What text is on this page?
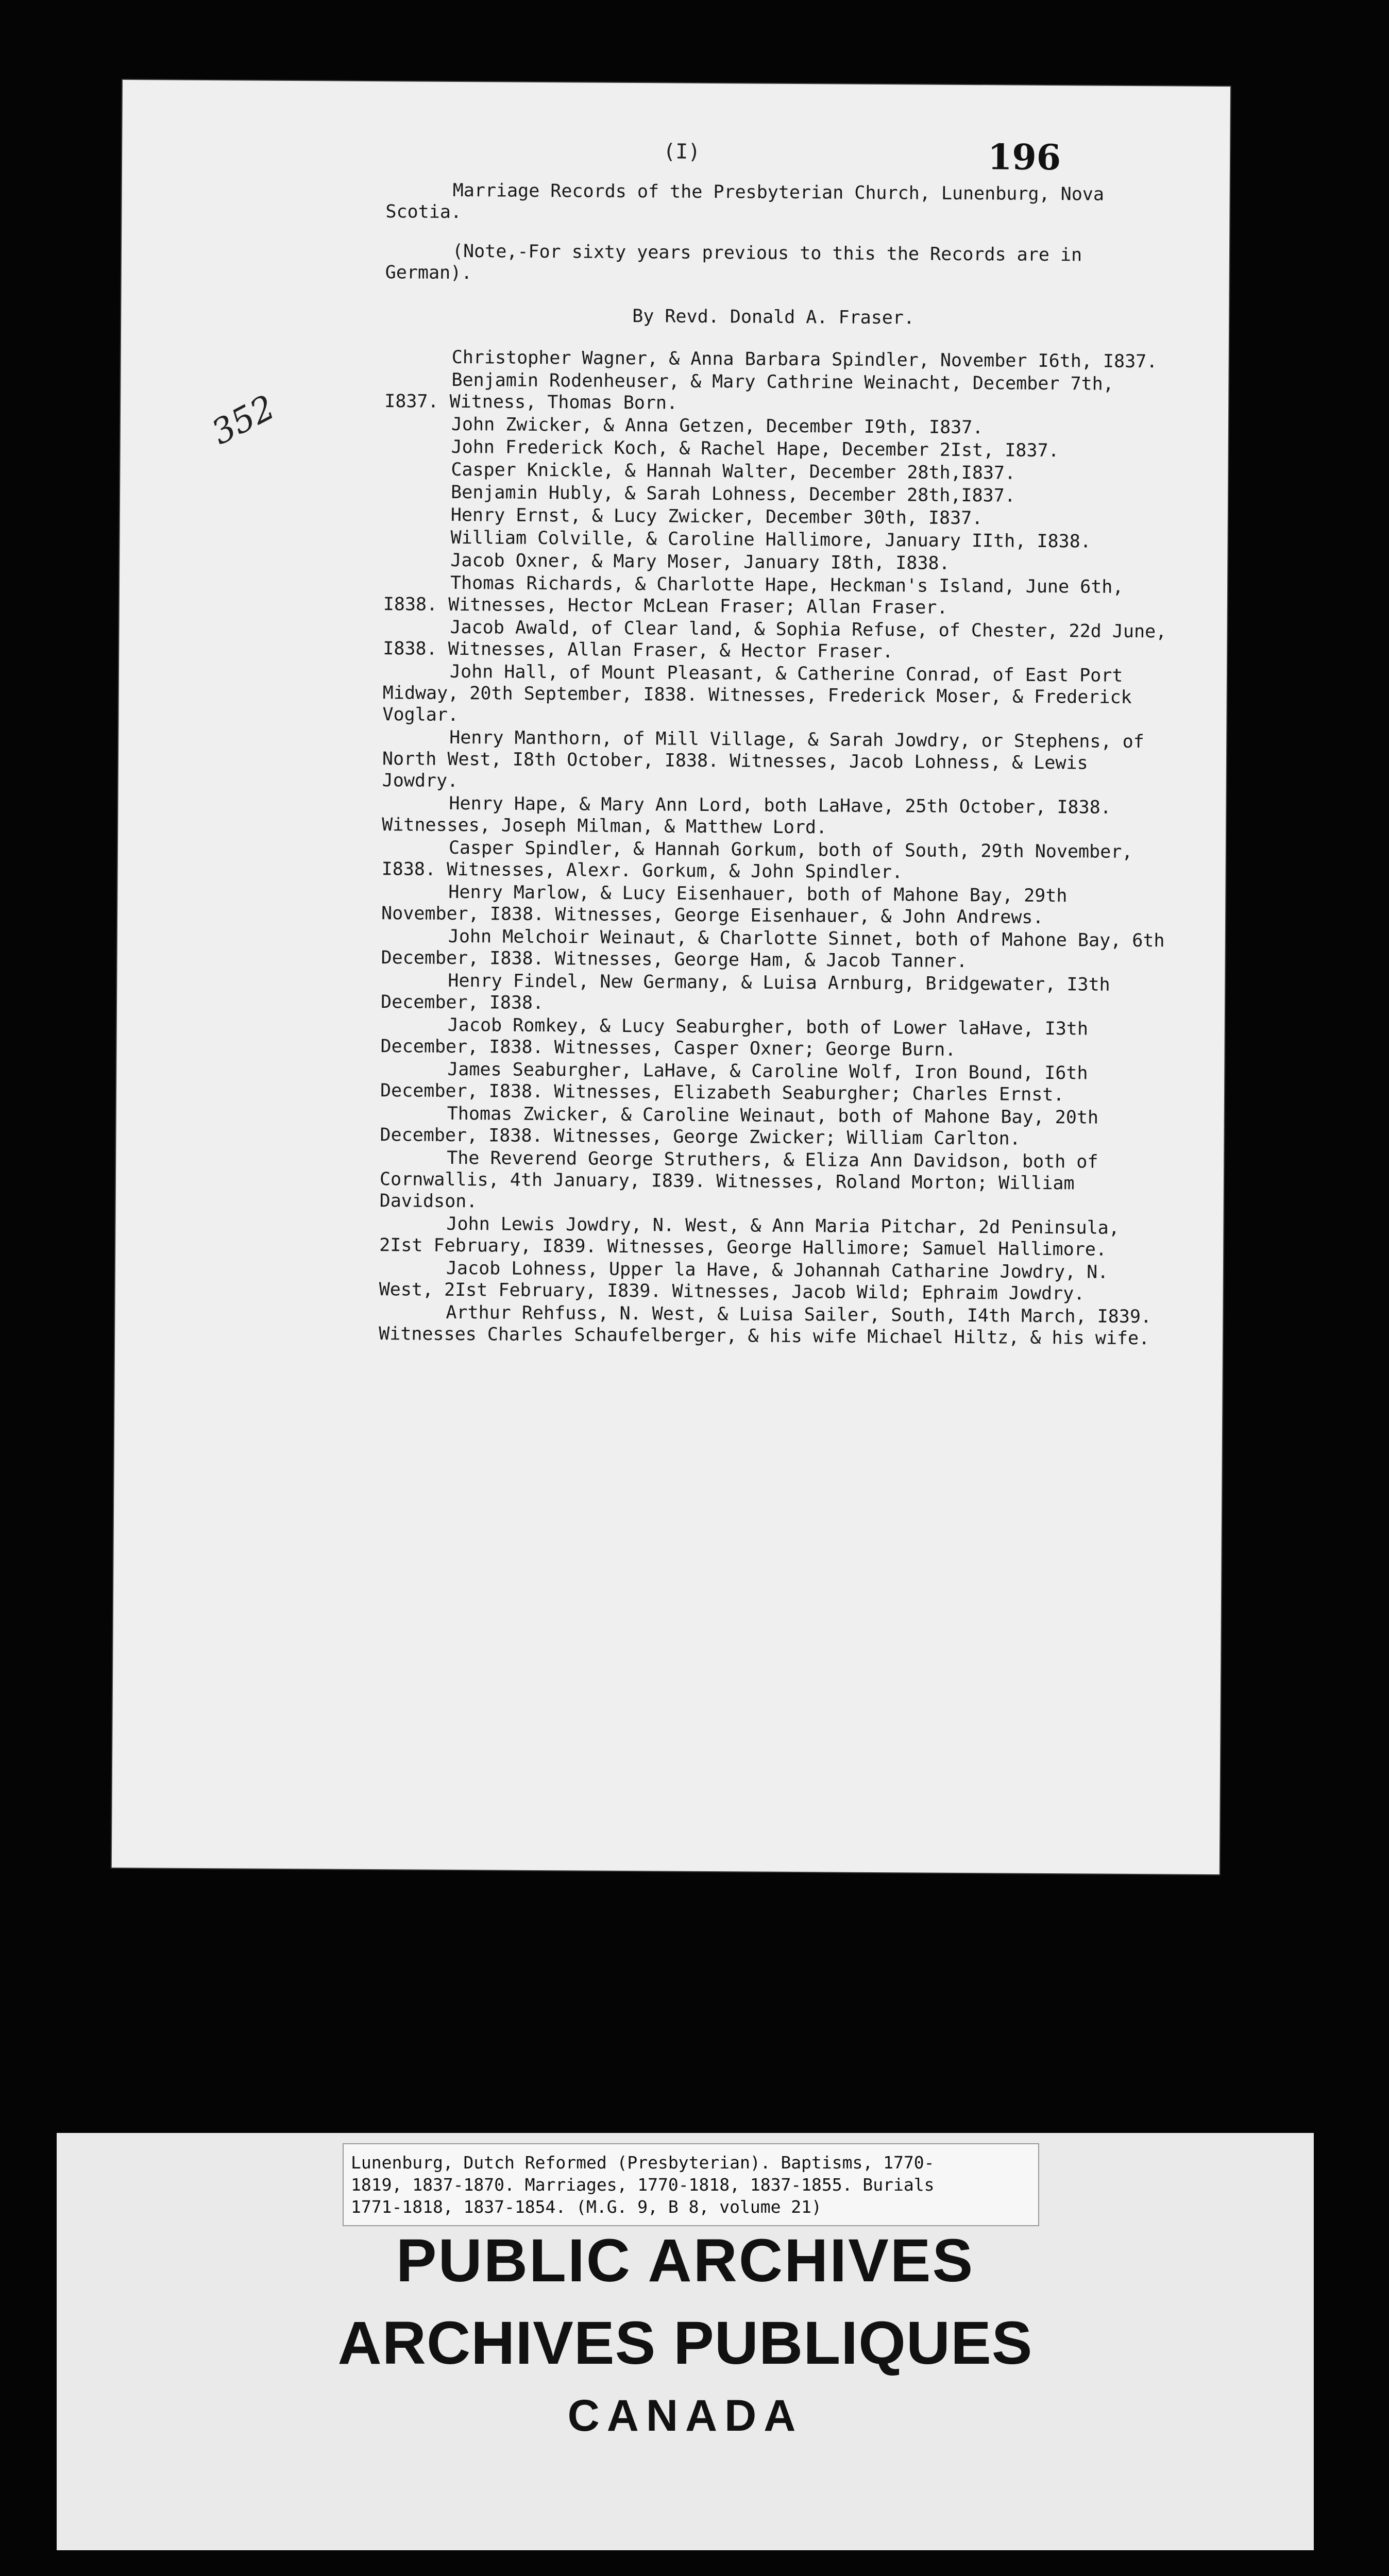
(I)	196
352

Marriage Records of the Presbyterian Church, Lunenburg, Nova Scotia.

(Note,-For sixty years previous to this the Records are in German).

By Revd. Donald A. Fraser.

Christopher Wagner, & Anna Barbara Spindler, November I6th, I837.

Benjamin Rodenheuser, & Mary Cathrine Weinacht, December 7th, I837. Witness, Thomas Born.

John Zwicker, & Anna Getzen, December I9th, I837.

John Frederick Koch, & Rachel Hape, December 2Ist, I837.

Casper Knickle, & Hannah Walter, December 28th,I837.

Benjamin Hubly, & Sarah Lohness, December 28th,I837.

Henry Ernst, & Lucy Zwicker, December 30th, I837.

William Colville, & Caroline Hallimore, January IIth, I838.

Jacob Oxner, & Mary Moser, January I8th, I838.

Thomas Richards, & Charlotte Hape, Heckman's Island, June 6th, I838. Witnesses, Hector McLean Fraser; Allan Fraser.

Jacob Awald, of Clear land, & Sophia Refuse, of Chester, 22d June, I838. Witnesses, Allan Fraser, & Hector Fraser.

John Hall, of Mount Pleasant, & Catherine Conrad, of East Port Midway, 20th September, I838. Witnesses, Frederick Moser, & Frederick Voglar.

Henry Manthorn, of Mill Village, & Sarah Jowdry, or Stephens, of North West, I8th October, I838. Witnesses, Jacob Lohness, & Lewis Jowdry.

Henry Hape, & Mary Ann Lord, both LaHave, 25th October, I838. Witnesses, Joseph Milman, & Matthew Lord.

Casper Spindler, & Hannah Gorkum, both of South, 29th November, I838. Witnesses, Alexr. Gorkum, & John Spindler.

Henry Marlow, & Lucy Eisenhauer, both of Mahone Bay, 29th November, I838. Witnesses, George Eisenhauer, & John Andrews.

John Melchoir Weinaut, & Charlotte Sinnet, both of Mahone Bay, 6th December, I838. Witnesses, George Ham, & Jacob Tanner.

Henry Findel, New Germany, & Luisa Arnburg, Bridgewater, I3th December, I838.

Jacob Romkey, & Lucy Seaburgher, both of Lower laHave, I3th December, I838. Witnesses, Casper Oxner; George Burn.

James Seaburgher, LaHave, & Caroline Wolf, Iron Bound, I6th December, I838. Witnesses, Elizabeth Seaburgher; Charles Ernst.

Thomas Zwicker, & Caroline Weinaut, both of Mahone Bay, 20th December, I838. Witnesses, George Zwicker; William Carlton.

The Reverend George Struthers, & Eliza Ann Davidson, both of Cornwallis, 4th January, I839. Witnesses, Roland Morton; William Davidson.

John Lewis Jowdry, N. West, & Ann Maria Pitchar, 2d Peninsula, 2Ist February, I839. Witnesses, George Hallimore; Samuel Hallimore.

Jacob Lohness, Upper la Have, & Johannah Catharine Jowdry, N. West, 2Ist February, I839. Witnesses, Jacob Wild; Ephraim Jowdry.

Arthur Rehfuss, N. West, & Luisa Sailer, South, I4th March, I839. Witnesses Charles Schaufelberger, & his wife Michael Hiltz, & his wife.

Lunenburg, Dutch Reformed (Presbyterian). Baptisms, 1770-
1819, 1837-1870. Marriages, 1770-1818, 1837-1855. Burials
1771-1818, 1837-1854. (M.G. 9, B 8, volume 21)
PUBLIC ARCHIVES
ARCHIVES PUBLIQUES
CANADA
